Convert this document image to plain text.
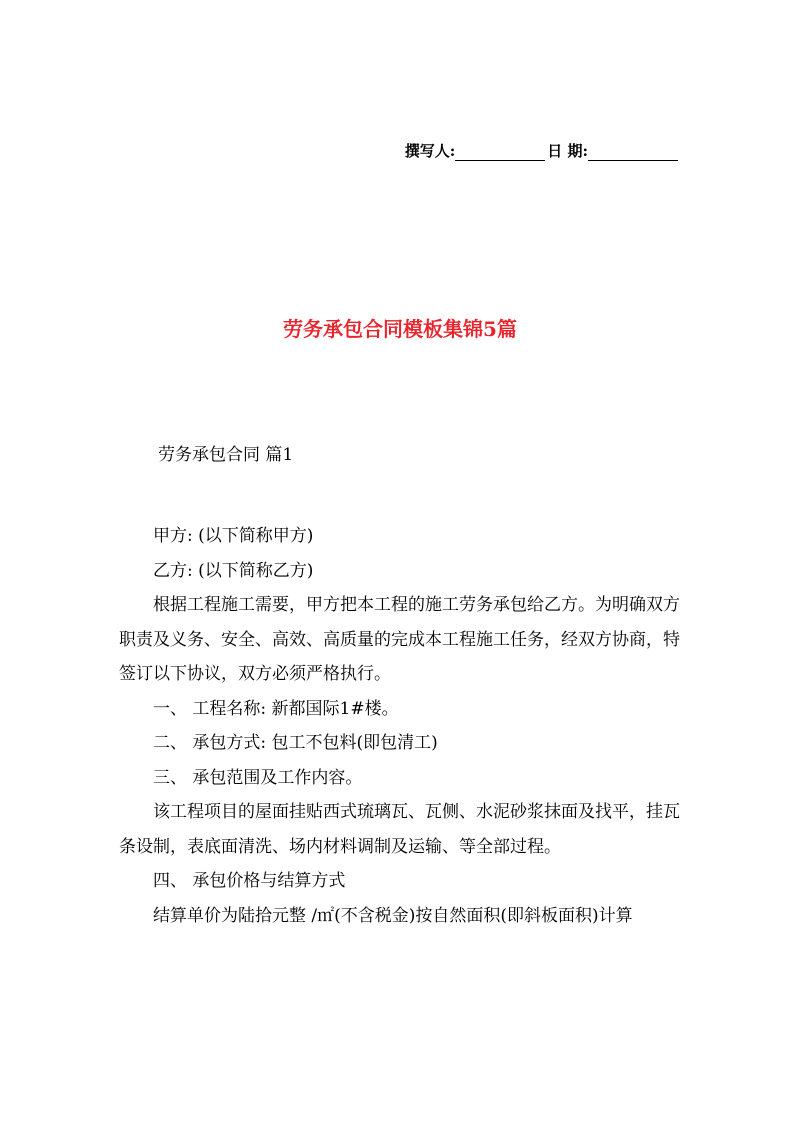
撰写人:	日 期:
劳务承包合同模板集锦5篇
劳务承包合同 篇1

甲方: (以下简称甲方)

乙方: (以下简称乙方)

根据工程施工需要，甲方把本工程的施工劳务承包给乙方。为明确双方职责及义务、安全、高效、高质量的完成本工程施工任务，经双方协商，特签订以下协议，双方必须严格执行。

一、 工程名称: 新都国际1#楼。

二、 承包方式: 包工不包料(即包清工)

三、 承包范围及工作内容。

该工程项目的屋面挂贴西式琉璃瓦、瓦侧、水泥砂浆抹面及找平，挂瓦条设制，表底面清洗、场内材料调制及运输、等全部过程。

四、 承包价格与结算方式

结算单价为陆拾元整 /㎡(不含税金)按自然面积(即斜板面积)计算
